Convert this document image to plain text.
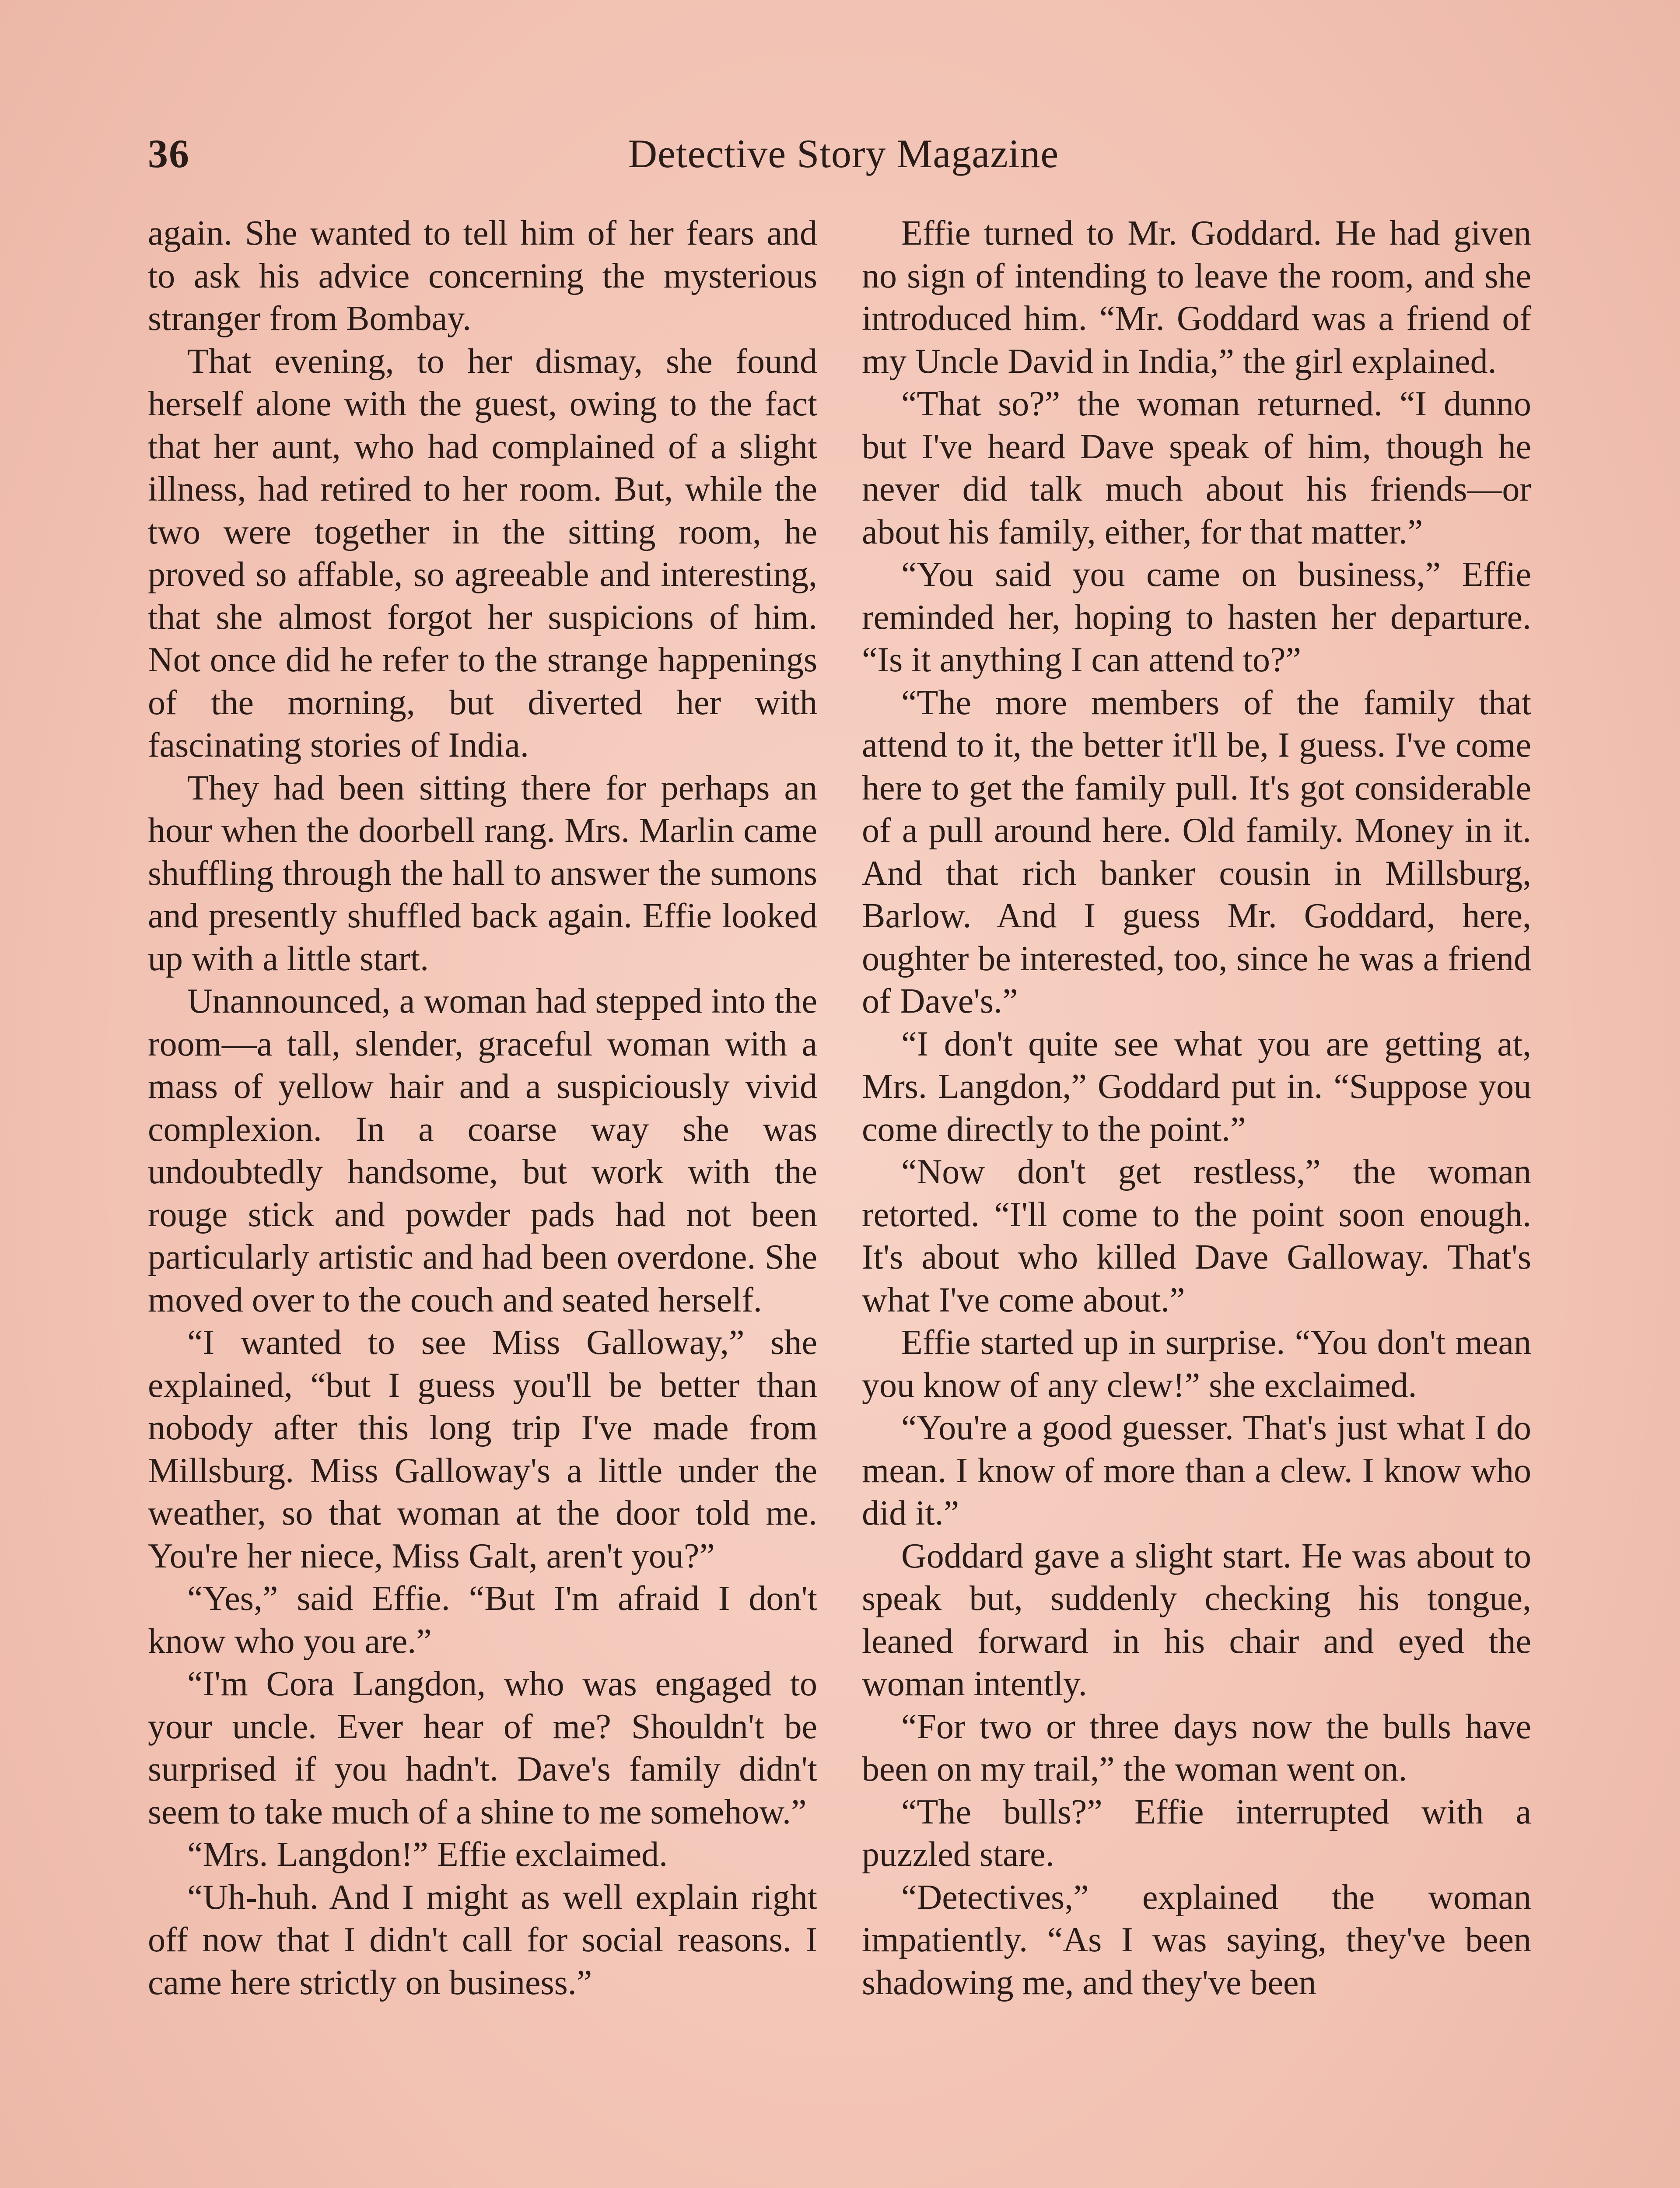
36	Detective Story Magazine

again. She wanted to tell him of her fears and to ask his advice concerning the mysterious stranger from Bombay.

That evening, to her dismay, she found herself alone with the guest, owing to the fact that her aunt, who had complained of a slight illness, had retired to her room. But, while the two were together in the sitting room, he proved so affable, so agreeable and interesting, that she almost forgot her suspicions of him. Not once did he refer to the strange happenings of the morning, but diverted her with fascinating stories of India.

They had been sitting there for perhaps an hour when the doorbell rang. Mrs. Marlin came shuffling through the hall to answer the sumons and presently shuffled back again. Effie looked up with a little start.

Unannounced, a woman had stepped into the room—a tall, slender, graceful woman with a mass of yellow hair and a suspiciously vivid complexion. In a coarse way she was undoubtedly handsome, but work with the rouge stick and powder pads had not been particularly artistic and had been overdone. She moved over to the couch and seated herself.

“I wanted to see Miss Galloway,” she explained, “but I guess you'll be better than nobody after this long trip I've made from Millsburg. Miss Galloway's a little under the weather, so that woman at the door told me. You're her niece, Miss Galt, aren't you?”

“Yes,” said Effie. “But I'm afraid I don't know who you are.”

“I'm Cora Langdon, who was engaged to your uncle. Ever hear of me? Shouldn't be surprised if you hadn't. Dave's family didn't seem to take much of a shine to me somehow.”

“Mrs. Langdon!” Effie exclaimed.

“Uh-huh. And I might as well explain right off now that I didn't call for social reasons. I came here strictly on business.”

Effie turned to Mr. Goddard. He had given no sign of intending to leave the room, and she introduced him. “Mr. Goddard was a friend of my Uncle David in India,” the girl explained.

“That so?” the woman returned. “I dunno but I've heard Dave speak of him, though he never did talk much about his friends—or about his family, either, for that matter.”

“You said you came on business,” Effie reminded her, hoping to hasten her departure. “Is it anything I can attend to?”

“The more members of the family that attend to it, the better it'll be, I guess. I've come here to get the family pull. It's got considerable of a pull around here. Old family. Money in it. And that rich banker cousin in Millsburg, Barlow. And I guess Mr. Goddard, here, oughter be interested, too, since he was a friend of Dave's.”

“I don't quite see what you are getting at, Mrs. Langdon,” Goddard put in. “Suppose you come directly to the point.”

“Now don't get restless,” the woman retorted. “I'll come to the point soon enough. It's about who killed Dave Galloway. That's what I've come about.”

Effie started up in surprise. “You don't mean you know of any clew!” she exclaimed.

“You're a good guesser. That's just what I do mean. I know of more than a clew. I know who did it.”

Goddard gave a slight start. He was about to speak but, suddenly checking his tongue, leaned forward in his chair and eyed the woman intently.

“For two or three days now the bulls have been on my trail,” the woman went on.

“The bulls?” Effie interrupted with a puzzled stare.

“Detectives,” explained the woman impatiently. “As I was saying, they've been shadowing me, and they've been
